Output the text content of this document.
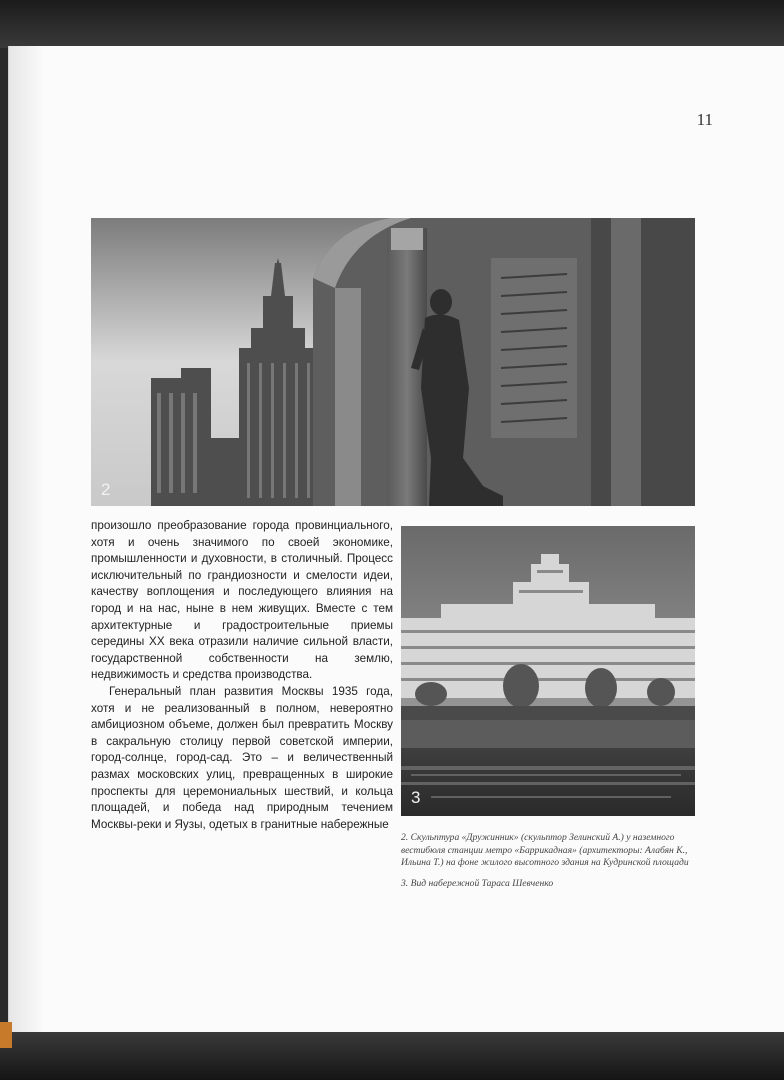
11
2

произошло преобразование города провинциального, хотя и очень значимого по своей экономике, промышленности и духовности, в столичный. Процесс исключительный по грандиозности и смелости идеи, качеству воплощения и последующего влияния на город и на нас, ныне в нем живущих. Вместе с тем архитектурные и градостроительные приемы середины XX века отразили наличие сильной власти, государственной собственности на землю, недвижимость и средства производства.

Генеральный план развития Москвы 1935 года, хотя и не реализованный в полном, невероятно амбициозном объеме, должен был превратить Москву в сакральную столицу первой советской империи, город-солнце, город-сад. Это – и величественный размах московских улиц, превращенных в широкие проспекты для церемониальных шествий, и кольца площадей, и победа над природным течением Москвы-реки и Яузы, одетых в гранитные набережные

3

2. Скульптура «Дружинник» (скульптор Зелинский А.) у наземного вестибюля станции метро «Баррикадная» (архитекторы: Алабян К., Ильина Т.) на фоне жилого высотного здания на Кудринской площади

3. Вид набережной Тараса Шевченко
